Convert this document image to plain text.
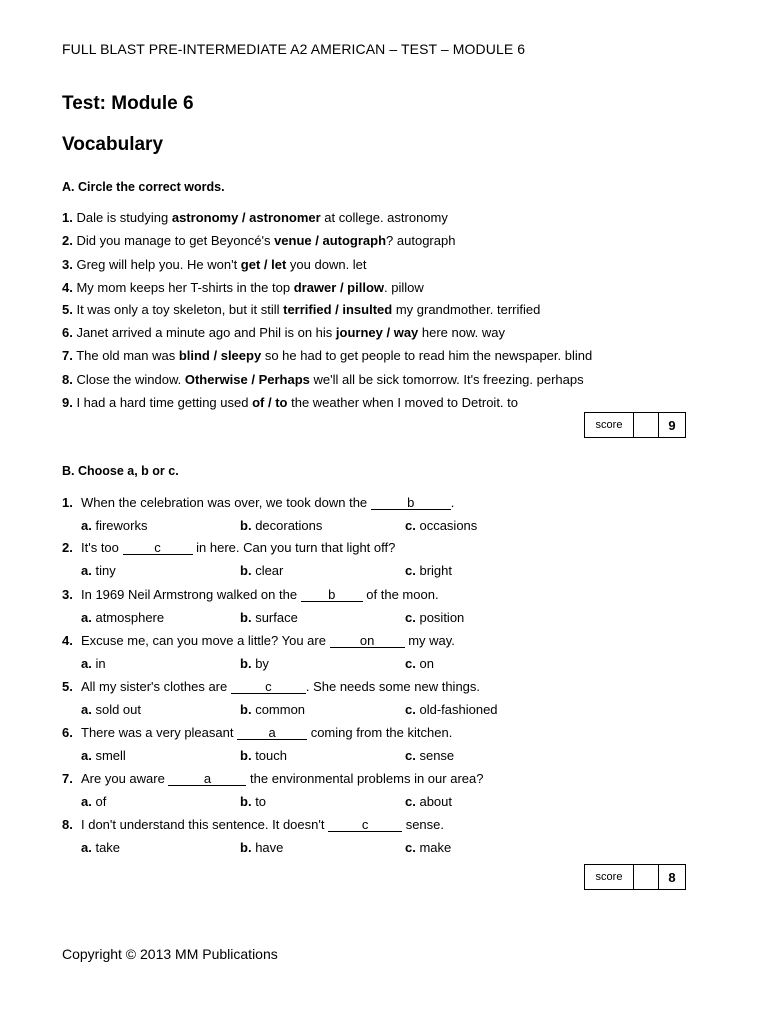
FULL BLAST PRE-INTERMEDIATE A2 AMERICAN – TEST – MODULE 6
Test: Module 6
Vocabulary
A. Circle the correct words.
1. Dale is studying astronomy / astronomer at college. astronomy
2. Did you manage to get Beyoncé's venue / autograph? autograph
3. Greg will help you. He won't get / let you down. let
4. My mom keeps her T-shirts in the top drawer / pillow. pillow
5. It was only a toy skeleton, but it still terrified / insulted my grandmother. terrified
6. Janet arrived a minute ago and Phil is on his journey / way here now. way
7. The old man was blind / sleepy so he had to get people to read him the newspaper. blind
8. Close the window. Otherwise / Perhaps we'll all be sick tomorrow. It's freezing. perhaps
9. I had a hard time getting used of / to the weather when I moved to Detroit. to
score	9
B. Choose a, b or c.
1. When the celebration was over, we took down the	b	.
a. fireworks	b. decorations	c. occasions
2. It's too c in here. Can you turn that light off?
a. tiny	b. clear	c. bright
3. In 1969 Neil Armstrong walked on the b of the moon.
a. atmosphere	b. surface	c. position
4. Excuse me, can you move a little? You are on my way.
a. in	b. by	c. on
5. All my sister's clothes are	c	. She needs some new things.
a. sold out	b. common	c. old-fashioned
6. There was a very pleasant a coming from the kitchen.
a. smell	b. touch	c. sense
7. Are you aware	a	the environmental problems in our area?
a. of	b. to	c. about
8. I don't understand this sentence. It doesn't	c	sense.
a. take	b. have	c. make
score	8
Copyright © 2013 MM Publications
